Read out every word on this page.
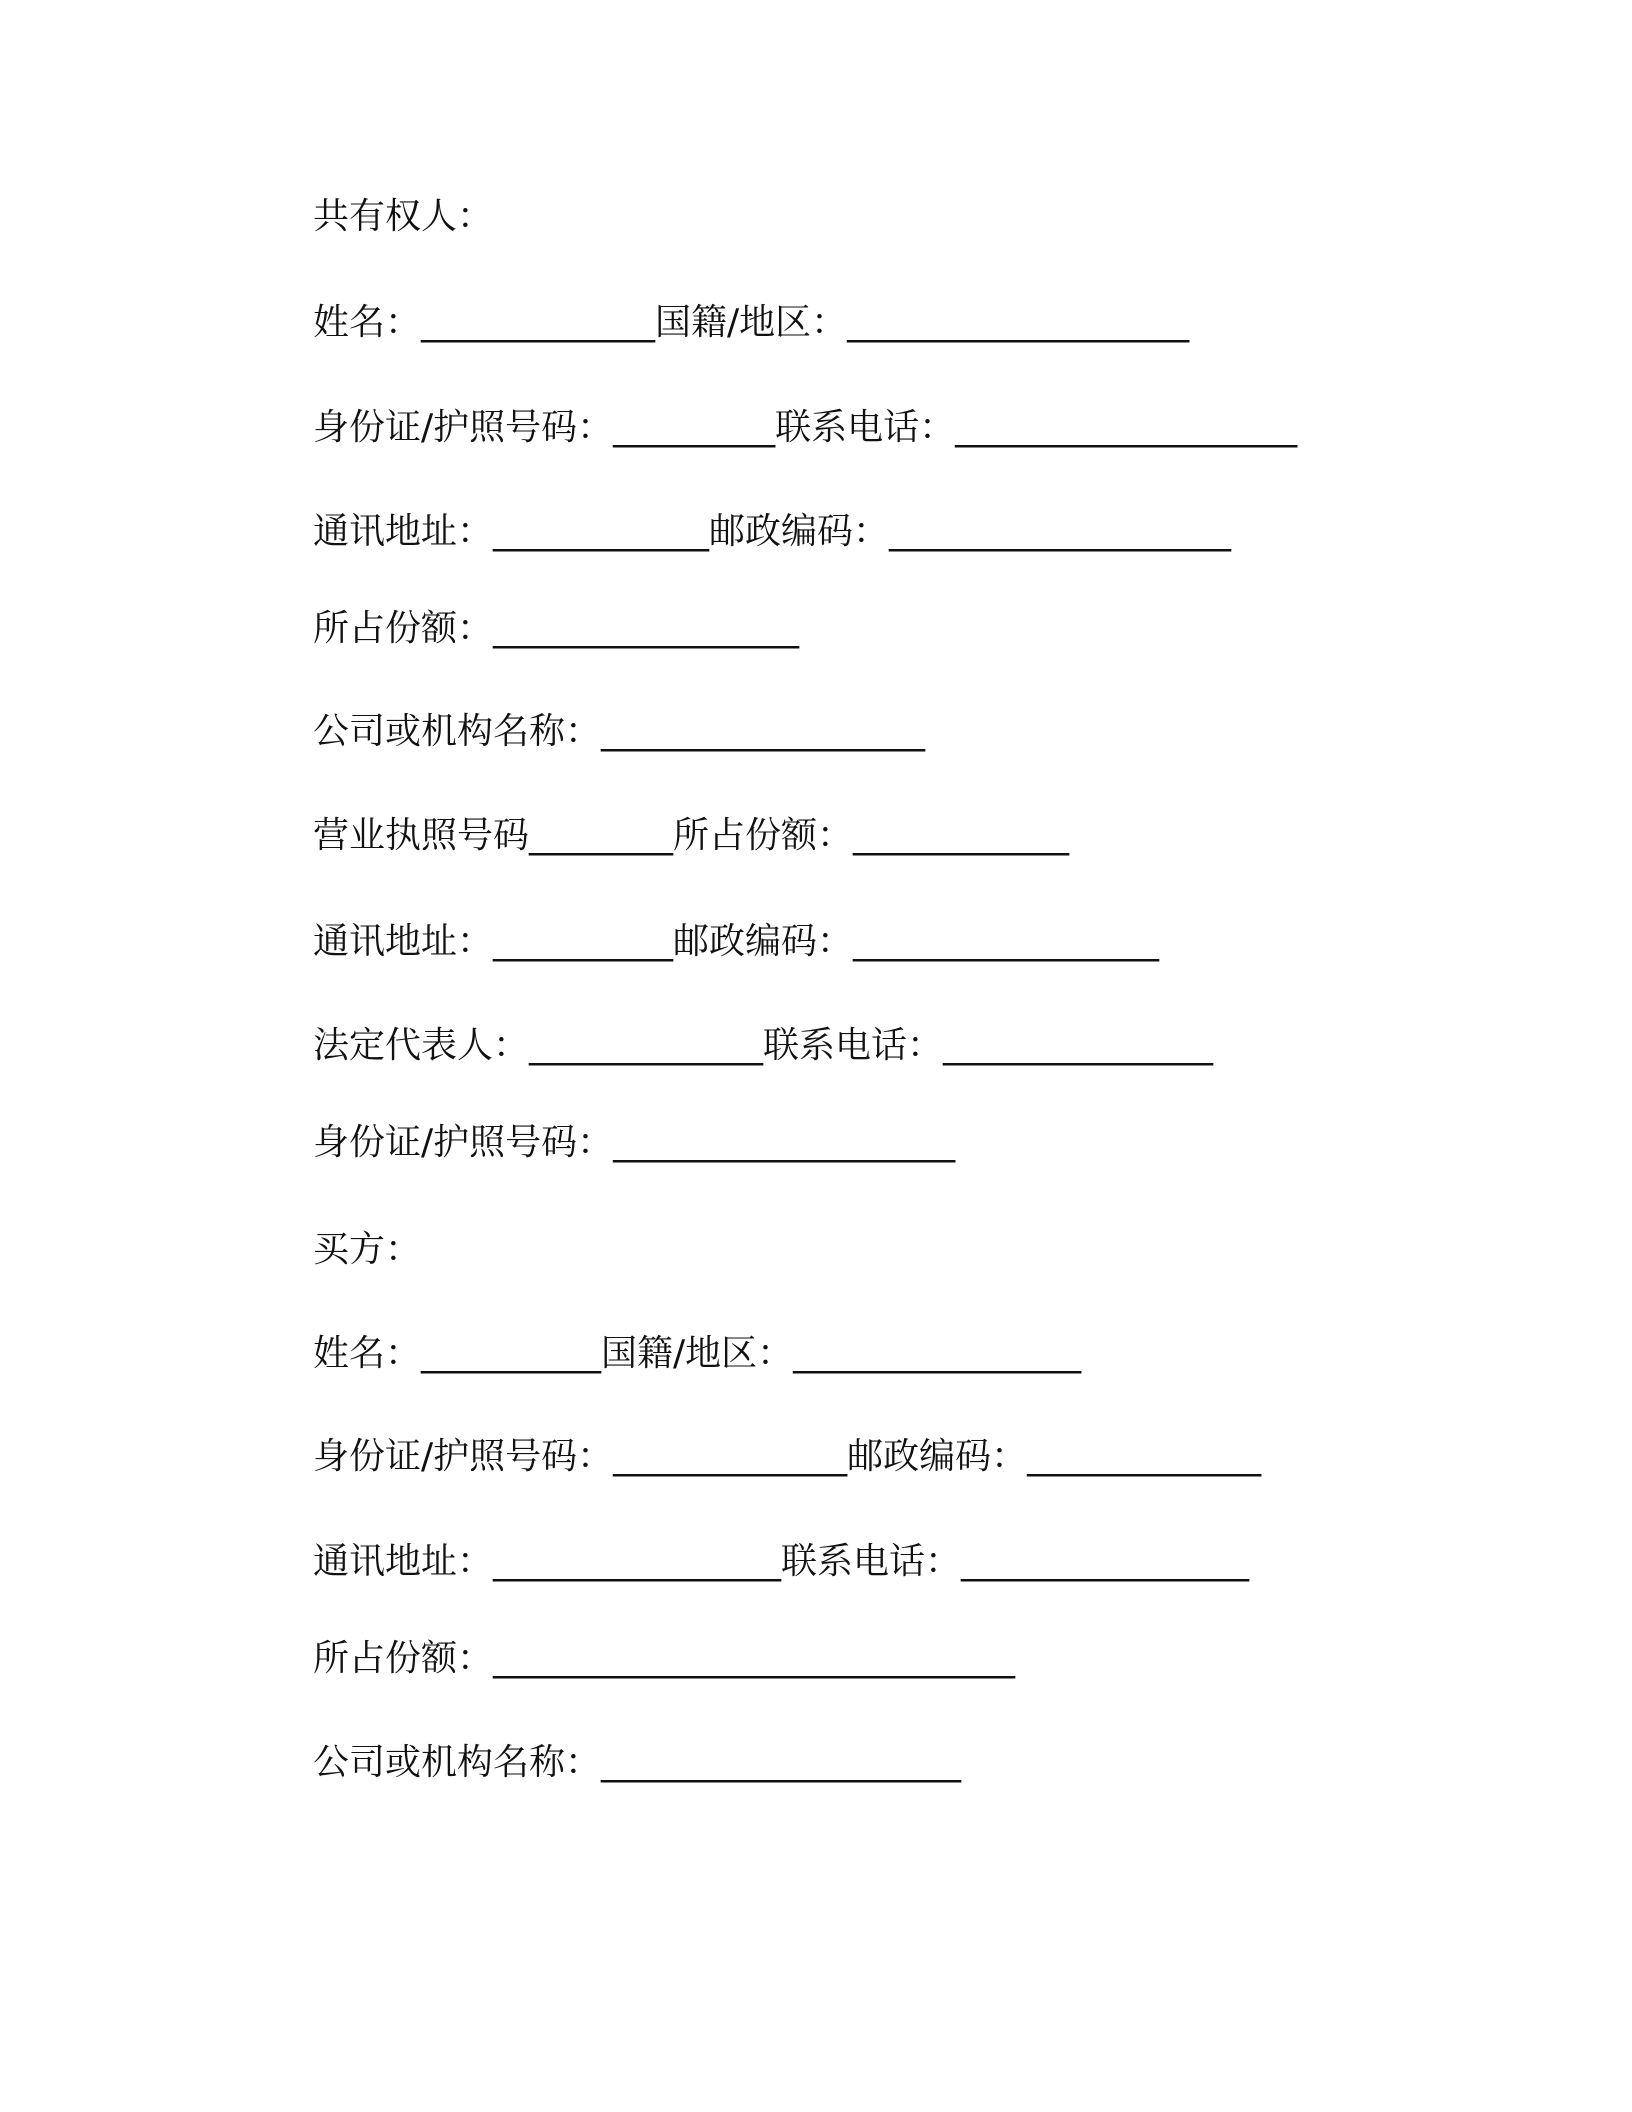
共有权人：
姓名：_____________国籍/地区：___________________
身份证/护照号码：_________联系电话：___________________
通讯地址：____________邮政编码：___________________
所占份额：_________________
公司或机构名称：__________________
营业执照号码________所占份额：____________
通讯地址：__________邮政编码：_________________
法定代表人：_____________联系电话：_______________
身份证/护照号码：___________________
买方：
姓名：__________国籍/地区：________________
身份证/护照号码：_____________邮政编码：_____________
通讯地址：________________联系电话：________________
所占份额：_____________________________
公司或机构名称：____________________
